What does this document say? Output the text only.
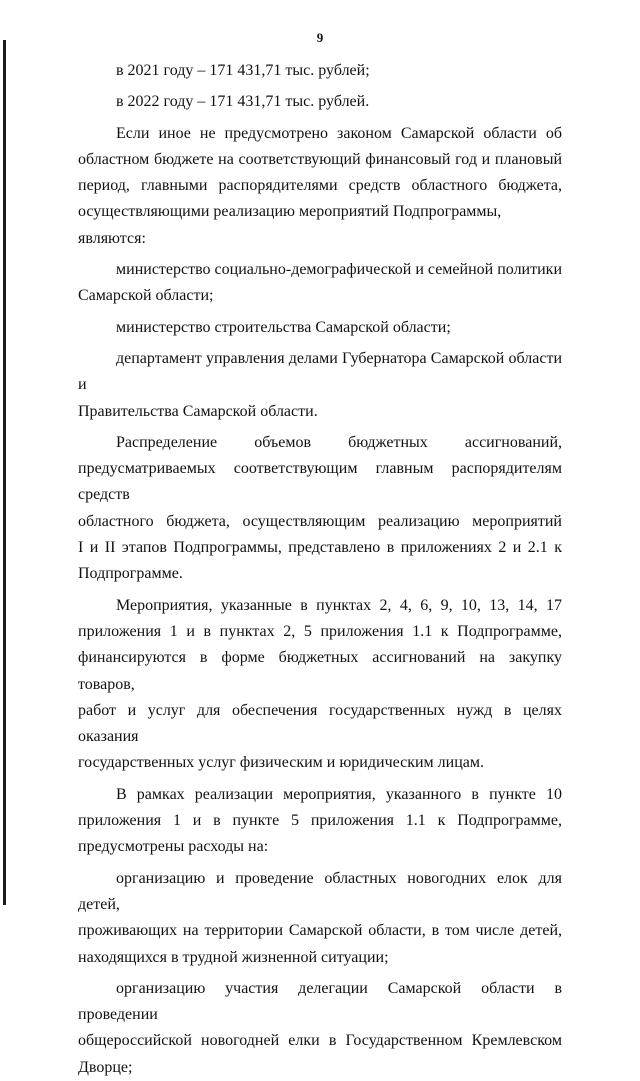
9

в 2021 году – 171 431,71 тыс. рублей;

в 2022 году – 171 431,71 тыс. рублей.

Если иное не предусмотрено законом Самарской области об

областном бюджете на соответствующий финансовый год и плановый

период, главными распорядителями средств областного бюджета,

осуществляющими реализацию мероприятий Подпрограммы, являются:

министерство социально-демографической и семейной политики

Самарской области;

министерство строительства Самарской области;

департамент управления делами Губернатора Самарской области и

Правительства Самарской области.

Распределение объемов бюджетных ассигнований,

предусматриваемых соответствующим главным распорядителям средств

областного бюджета, осуществляющим реализацию мероприятий

I и II этапов Подпрограммы, представлено в приложениях 2 и 2.1 к

Подпрограмме.

Мероприятия, указанные в пунктах 2, 4, 6, 9, 10, 13, 14, 17

приложения 1 и в пунктах 2, 5 приложения 1.1 к Подпрограмме,

финансируются в форме бюджетных ассигнований на закупку товаров,

работ и услуг для обеспечения государственных нужд в целях оказания

государственных услуг физическим и юридическим лицам.

В рамках реализации мероприятия, указанного в пункте 10

приложения 1 и в пункте 5 приложения 1.1 к Подпрограмме,

предусмотрены расходы на:

организацию и проведение областных новогодних елок для детей,

проживающих на территории Самарской области, в том числе детей,

находящихся в трудной жизненной ситуации;

организацию участия делегации Самарской области в проведении

общероссийской новогодней елки в Государственном Кремлевском

Дворце;
